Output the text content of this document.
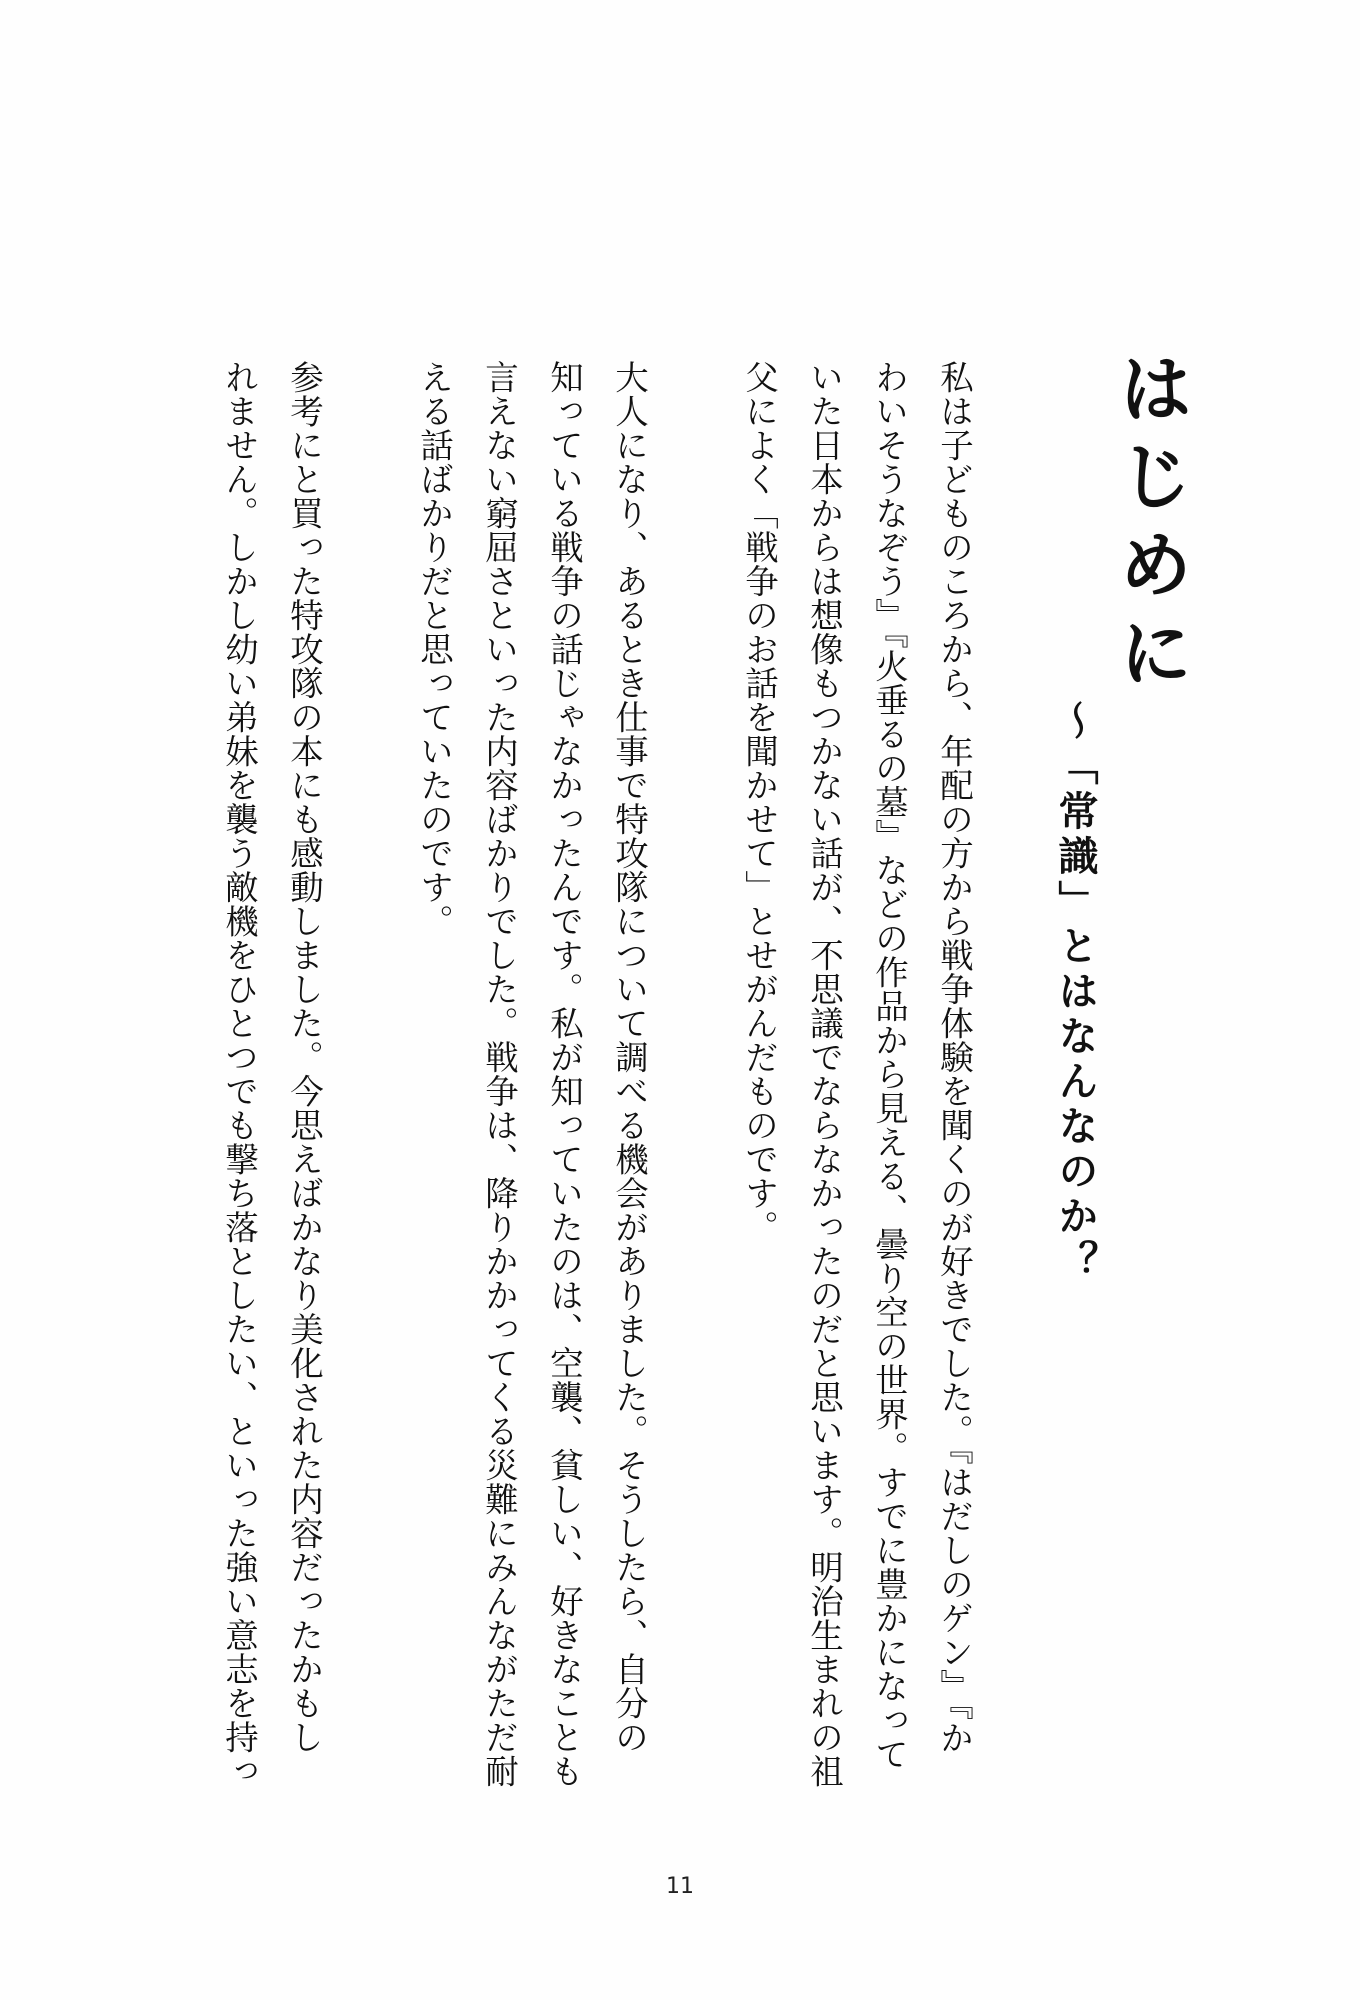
はじめに
〜「常識」とはなんなのか？
私は子どものころから、年配の方から戦争体験を聞くのが好きでした。『はだしのゲン』『か
わいそうなぞう』『火垂るの墓』などの作品から見える、曇り空の世界。すでに豊かになって
いた日本からは想像もつかない話が、不思議でならなかったのだと思います。明治生まれの祖
父によく「戦争のお話を聞かせて」とせがんだものです。
大人になり、あるとき仕事で特攻隊について調べる機会がありました。そうしたら、自分の
知っている戦争の話じゃなかったんです。私が知っていたのは、空襲、貧しい、好きなことも
言えない窮屈さといった内容ばかりでした。戦争は、降りかかってくる災難にみんながただ耐
える話ばかりだと思っていたのです。
参考にと買った特攻隊の本にも感動しました。今思えばかなり美化された内容だったかもし
れません。しかし幼い弟妹を襲う敵機をひとつでも撃ち落としたい、といった強い意志を持っ
11
